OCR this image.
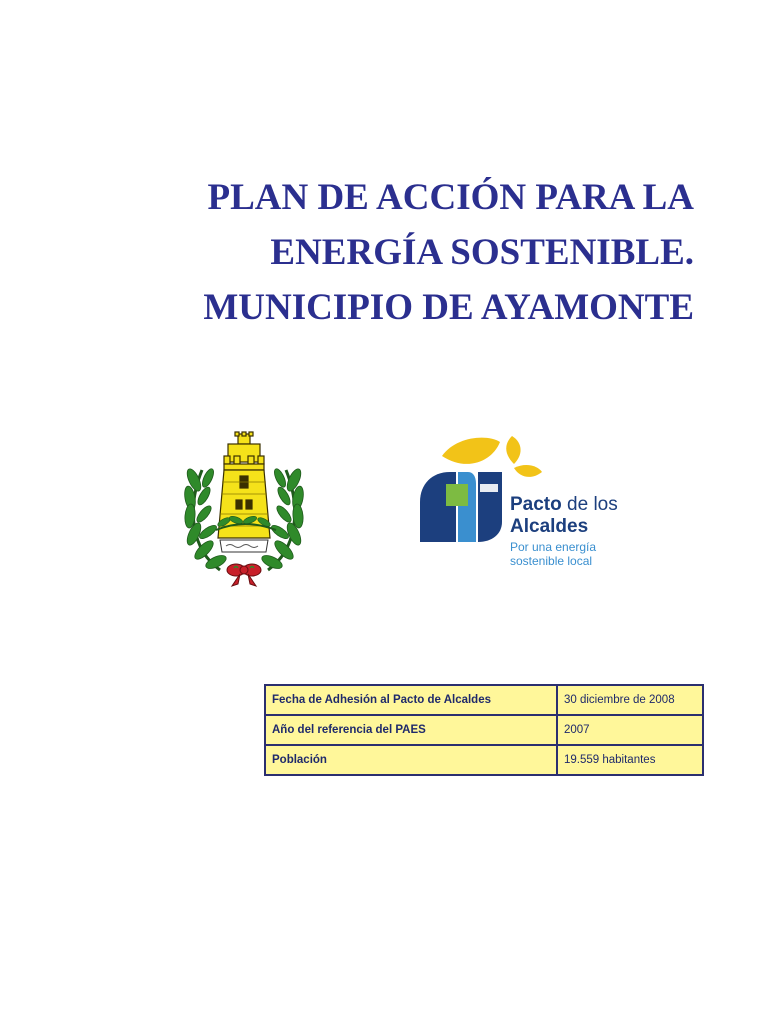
PLAN DE ACCIÓN PARA LA
ENERGÍA SOSTENIBLE.
MUNICIPIO DE AYAMONTE
Pacto de los
Alcaldes
Por una energía
sostenible local
Fecha de Adhesión al Pacto de Alcaldes	30 diciembre de 2008
Año del referencia del PAES	2007
Población	19.559 habitantes
